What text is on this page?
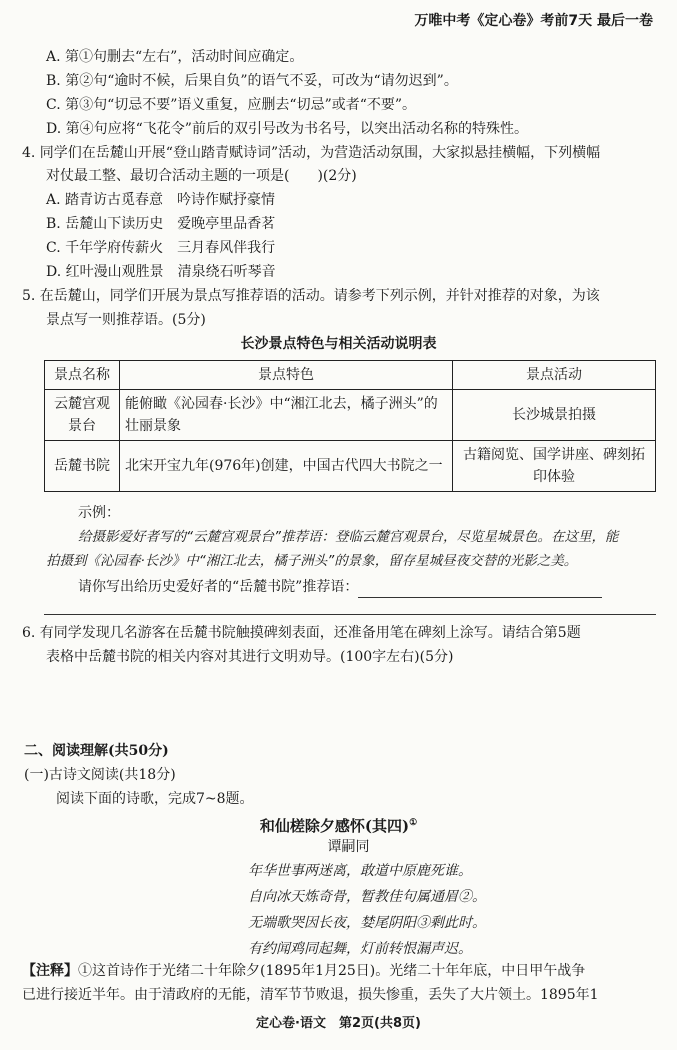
万唯中考《定心卷》考前7天 最后一卷
A. 第①句删去“左右”，活动时间应确定。
B. 第②句“逾时不候，后果自负”的语气不妥，可改为“请勿迟到”。
C. 第③句“切忌不要”语义重复，应删去“切忌”或者“不要”。
D. 第④句应将“飞花令”前后的双引号改为书名号，以突出活动名称的特殊性。
4. 同学们在岳麓山开展“登山踏青赋诗词”活动，为营造活动氛围，大家拟悬挂横幅，下列横幅
对仗最工整、最切合活动主题的一项是(　　)(2分)
A. 踏青访古觅春意　吟诗作赋抒豪情
B. 岳麓山下读历史　爱晚亭里品香茗
C. 千年学府传薪火　三月春风伴我行
D. 红叶漫山观胜景　清泉绕石听琴音
5. 在岳麓山，同学们开展为景点写推荐语的活动。请参考下列示例，并针对推荐的对象，为该
景点写一则推荐语。(5分)
长沙景点特色与相关活动说明表
景点名称	景点特色	景点活动
云麓宫观景台	能俯瞰《沁园春·长沙》中“湘江北去，橘子洲头”的壮丽景象	长沙城景拍摄
岳麓书院	北宋开宝九年(976年)创建，中国古代四大书院之一	古籍阅览、国学讲座、碑刻拓印体验
示例：
给摄影爱好者写的“云麓宫观景台”推荐语：登临云麓宫观景台，尽览星城景色。在这里，能
拍摄到《沁园春·长沙》中“湘江北去，橘子洲头”的景象，留存星城昼夜交替的光影之美。
请你写出给历史爱好者的“岳麓书院”推荐语：
6. 有同学发现几名游客在岳麓书院触摸碑刻表面，还准备用笔在碑刻上涂写。请结合第5题
表格中岳麓书院的相关内容对其进行文明劝导。(100字左右)(5分)
二、阅读理解(共50分)
(一)古诗文阅读(共18分)
阅读下面的诗歌，完成7~8题。
和仙槎除夕感怀(其四)①
谭嗣同
年华世事两迷离，敢道中原鹿死谁。
自向冰天炼奇骨，暂教佳句属通眉②。
无端歌哭因长夜，婪尾阴阳③剩此时。
有约闻鸡同起舞，灯前转恨漏声迟。
【注释】①这首诗作于光绪二十年除夕(1895年1月25日)。光绪二十年年底，中日甲午战争
已进行接近半年。由于清政府的无能，清军节节败退，损失惨重，丢失了大片领土。1895年1
定心卷·语文　第2页(共8页)
